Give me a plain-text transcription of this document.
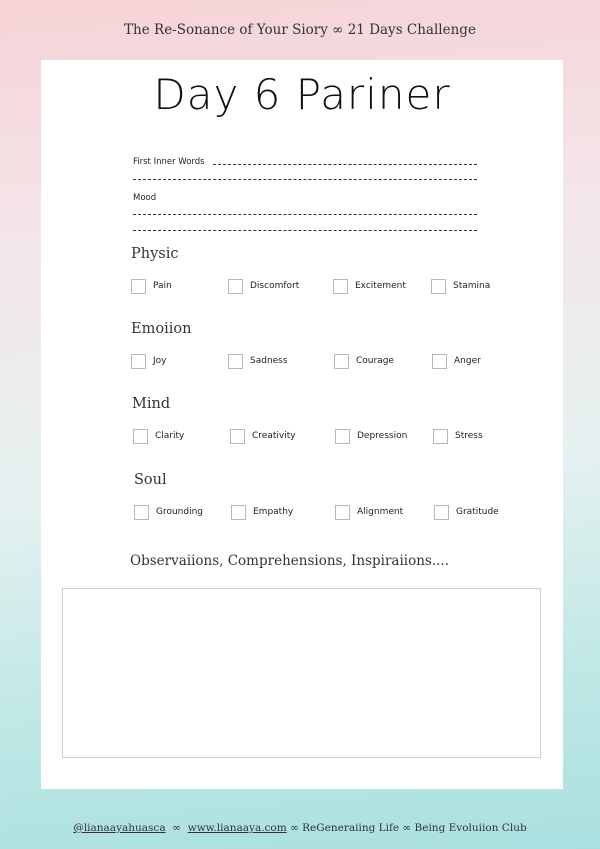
The Re-Sonance of Your Siory ∞ 21 Days Challenge
Day 6 Pariner
First Inner Words
Mood
Physic
Pain	Discomfort	Excitement	Stamina
Emoiion
Joy	Sadness	Courage	Anger
Mind
Clarity	Creativity	Depression	Stress
Soul
Grounding	Empathy	Alignment	Gratitude
Observaiions, Comprehensions, Inspiraiions....
@lianaayahuasca ∞ www.lianaaya.com ∞ ReGeneraiing Life ∞ Being Evoluiion Club
